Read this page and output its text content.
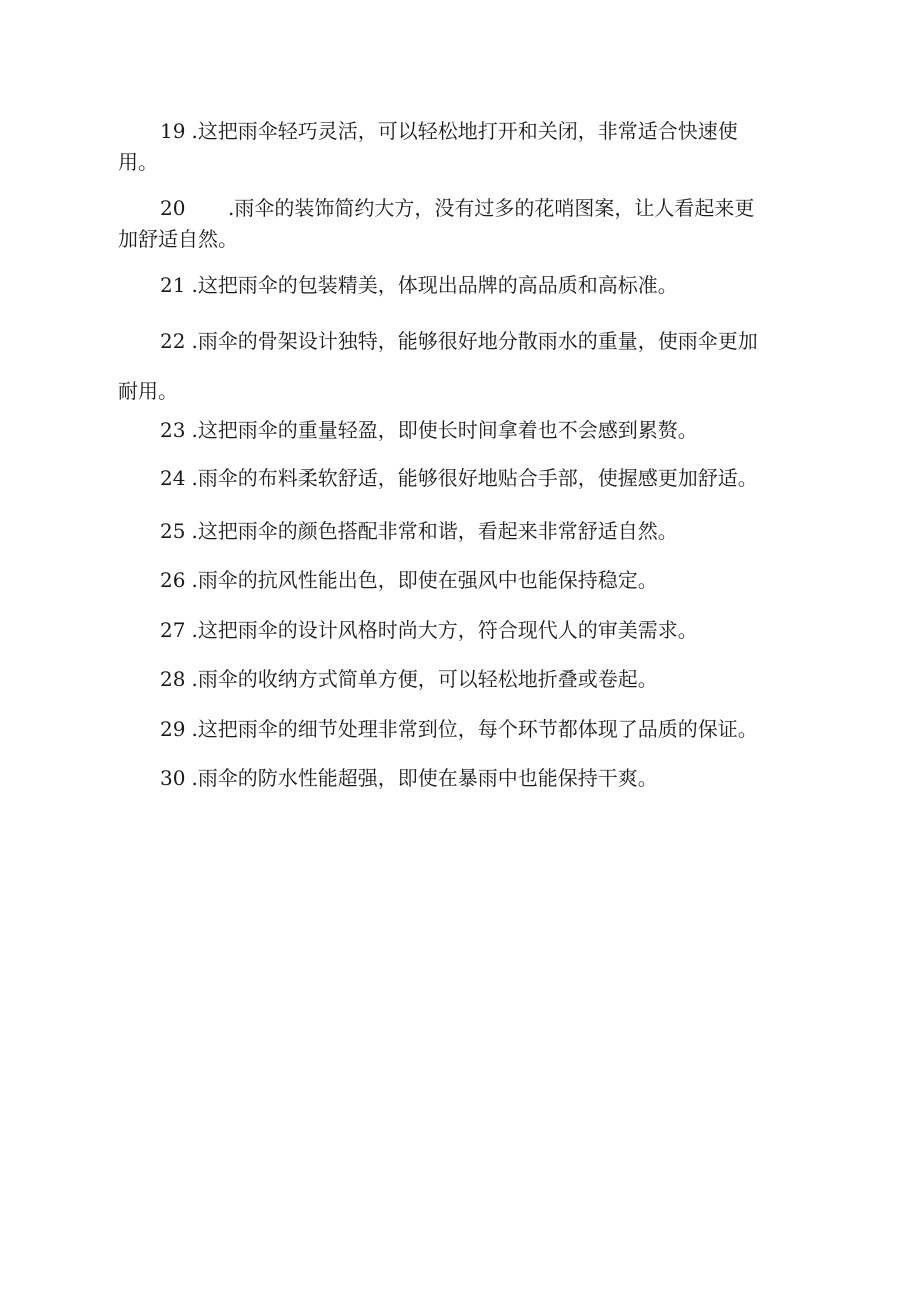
19 .这把雨伞轻巧灵活，可以轻松地打开和关闭，非常适合快速使
用。
20 .雨伞的装饰简约大方，没有过多的花哨图案，让人看起来更
加舒适自然。
21 .这把雨伞的包装精美，体现出品牌的高品质和高标准。
22 .雨伞的骨架设计独特，能够很好地分散雨水的重量，使雨伞更加
耐用。
23 .这把雨伞的重量轻盈，即使长时间拿着也不会感到累赘。
24 .雨伞的布料柔软舒适，能够很好地贴合手部，使握感更加舒适。
25 .这把雨伞的颜色搭配非常和谐，看起来非常舒适自然。
26 .雨伞的抗风性能出色，即使在强风中也能保持稳定。
27 .这把雨伞的设计风格时尚大方，符合现代人的审美需求。
28 .雨伞的收纳方式简单方便，可以轻松地折叠或卷起。
29 .这把雨伞的细节处理非常到位，每个环节都体现了品质的保证。
30 .雨伞的防水性能超强，即使在暴雨中也能保持干爽。
